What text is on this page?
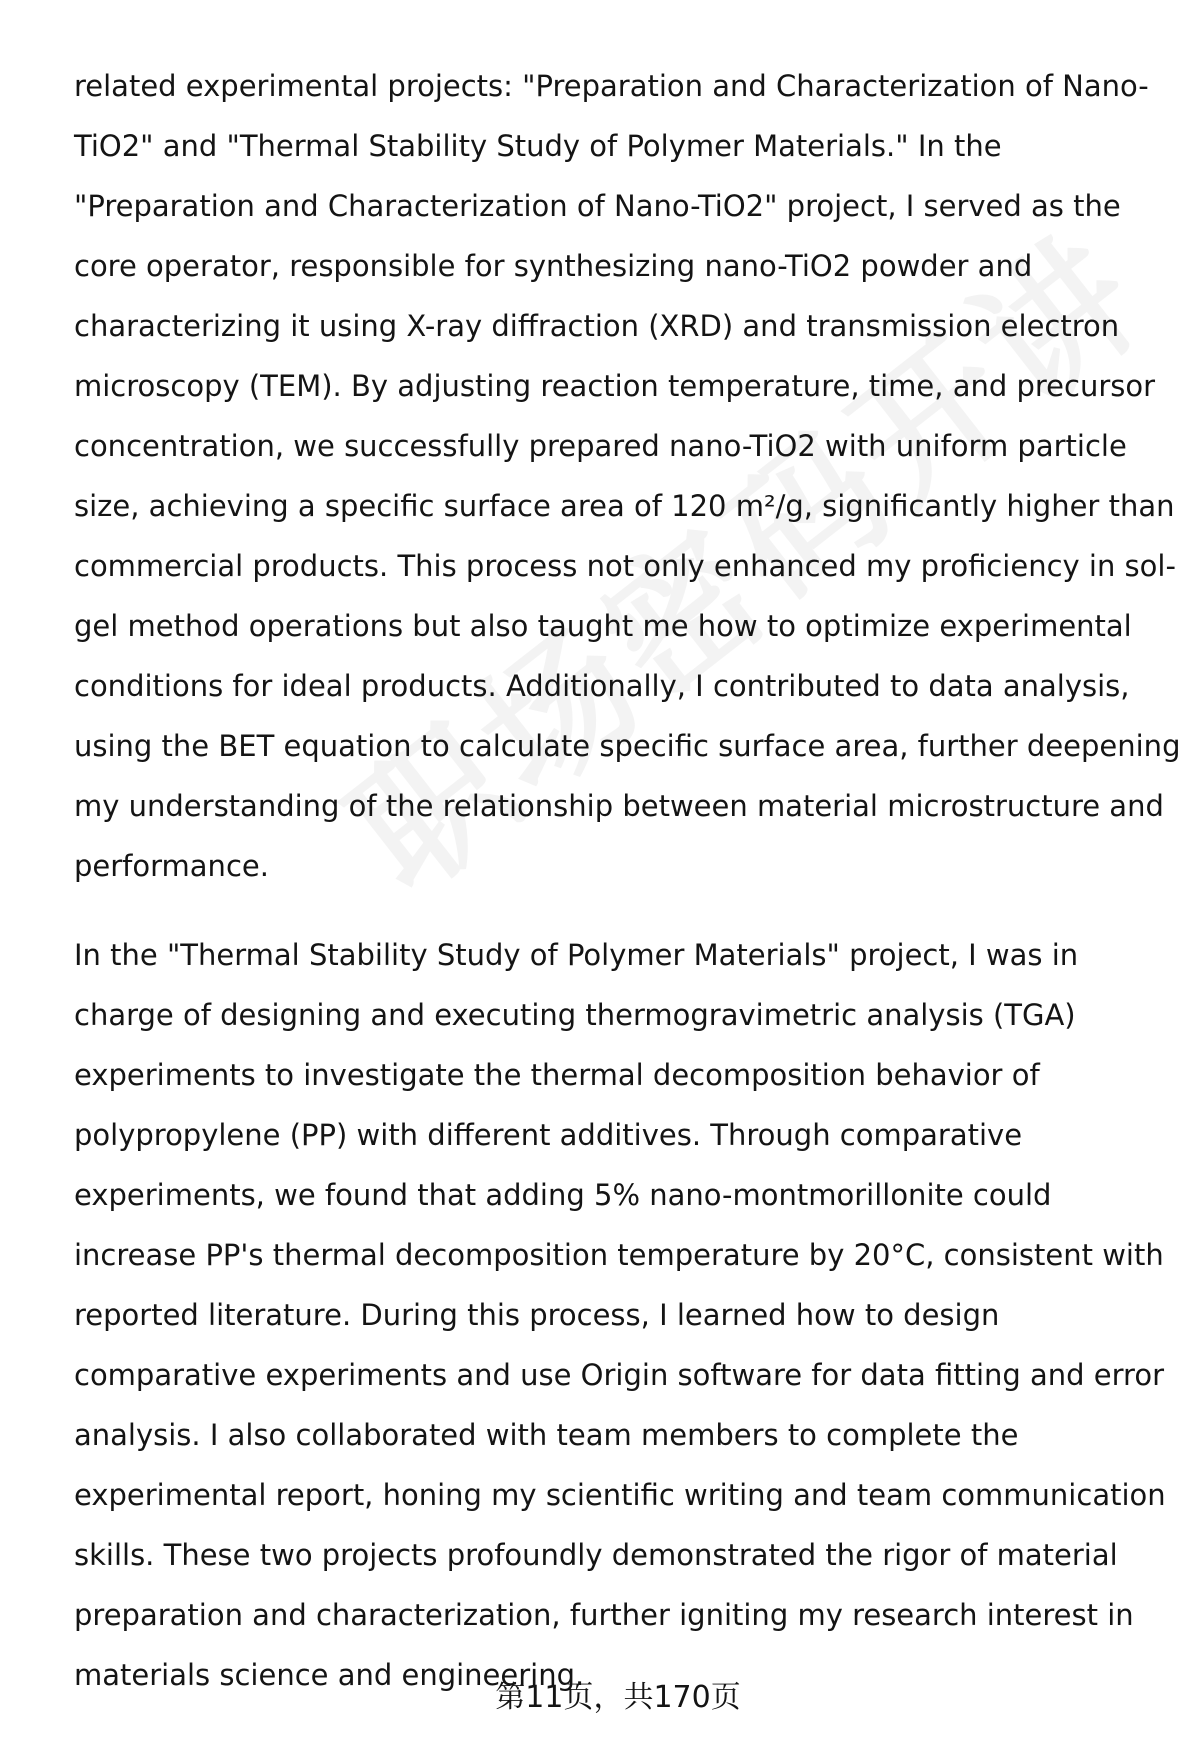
related experimental projects: "Preparation and Characterization of Nano-
TiO2" and "Thermal Stability Study of Polymer Materials." In the
"Preparation and Characterization of Nano-TiO2" project, I served as the
core operator, responsible for synthesizing nano-TiO2 powder and
characterizing it using X-ray diffraction (XRD) and transmission electron
microscopy (TEM). By adjusting reaction temperature, time, and precursor
concentration, we successfully prepared nano-TiO2 with uniform particle
size, achieving a specific surface area of 120 m²/g, significantly higher than
commercial products. This process not only enhanced my proficiency in sol-
gel method operations but also taught me how to optimize experimental
conditions for ideal products. Additionally, I contributed to data analysis,
using the BET equation to calculate specific surface area, further deepening
my understanding of the relationship between material microstructure and
performance.
In the "Thermal Stability Study of Polymer Materials" project, I was in
charge of designing and executing thermogravimetric analysis (TGA)
experiments to investigate the thermal decomposition behavior of
polypropylene (PP) with different additives. Through comparative
experiments, we found that adding 5% nano-montmorillonite could
increase PP's thermal decomposition temperature by 20°C, consistent with
reported literature. During this process, I learned how to design
comparative experiments and use Origin software for data fitting and error
analysis. I also collaborated with team members to complete the
experimental report, honing my scientific writing and team communication
skills. These two projects profoundly demonstrated the rigor of material
preparation and characterization, further igniting my research interest in
materials science and engineering.
第11页，共170页
